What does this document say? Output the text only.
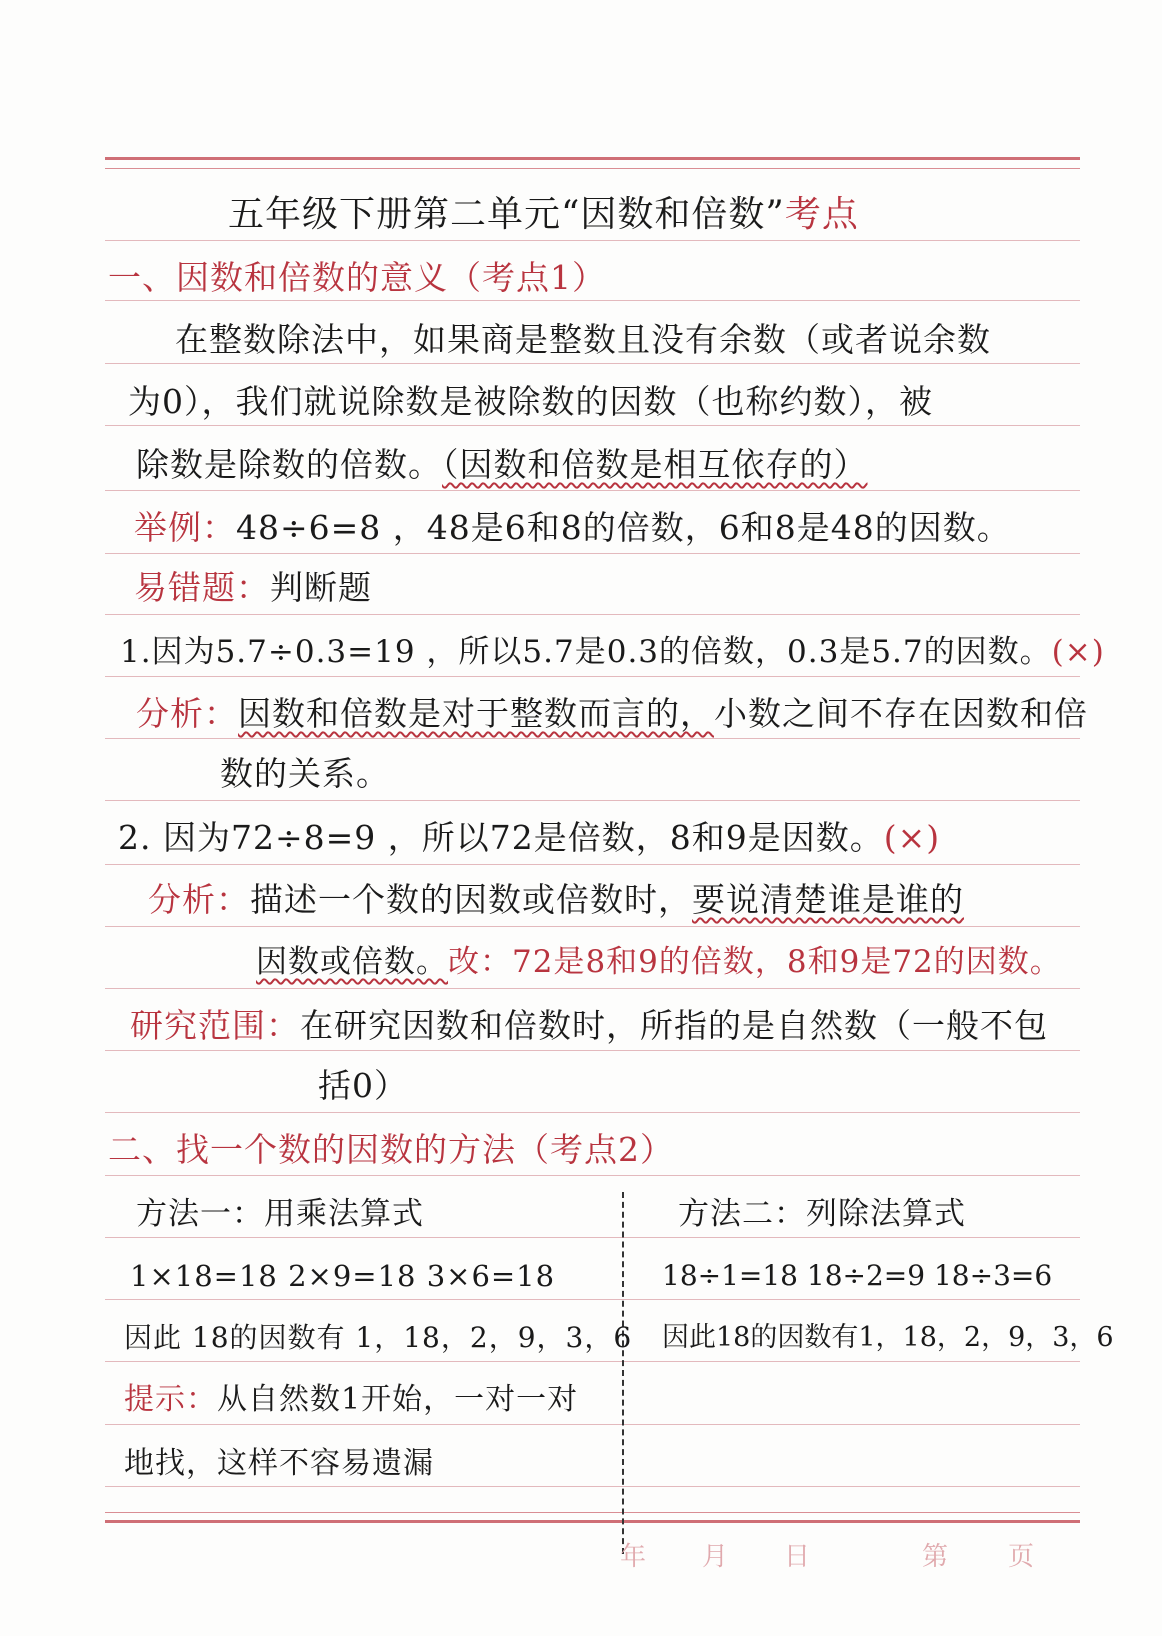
五年级下册第二单元“因数和倍数”考点
一、因数和倍数的意义（考点1）
在整数除法中，如果商是整数且没有余数（或者说余数
为0），我们就说除数是被除数的因数（也称约数），被
除数是除数的倍数。（因数和倍数是相互依存的）
举例：48÷6=8 ，48是6和8的倍数，6和8是48的因数。
易错题：判断题
1.因为5.7÷0.3=19 ，所以5.7是0.3的倍数，0.3是5.7的因数。(×)
分析：因数和倍数是对于整数而言的，小数之间不存在因数和倍
数的关系。
2. 因为72÷8=9 ，所以72是倍数，8和9是因数。(×)
分析：描述一个数的因数或倍数时，要说清楚谁是谁的
因数或倍数。改：72是8和9的倍数，8和9是72的因数。
研究范围：在研究因数和倍数时，所指的是自然数（一般不包
括0）
二、找一个数的因数的方法（考点2）
方法一：用乘法算式
1×18=18 2×9=18 3×6=18
因此 18的因数有 1，18，2，9，3，6
提示：从自然数1开始，一对一对
地找，这样不容易遗漏
方法二：列除法算式
18÷1=18 18÷2=9 18÷3=6
因此18的因数有1，18，2，9，3，6
年 月 日	第 页
